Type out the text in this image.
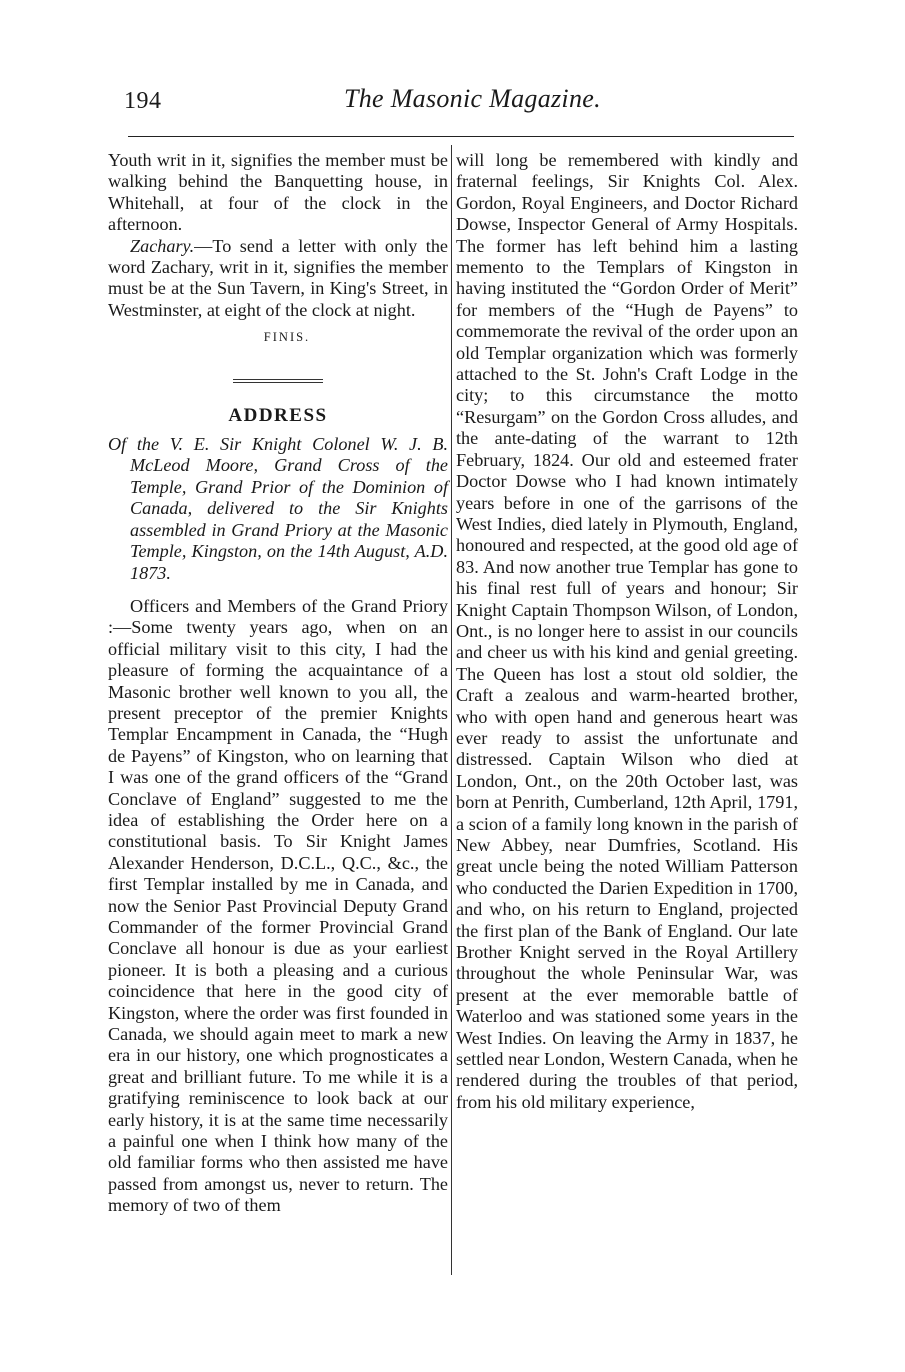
194	The Masonic Magazine.

Youth writ in it, signifies the member must be walking behind the Banquetting house, in Whitehall, at four of the clock in the afternoon.

Zachary.—To send a letter with only the word Zachary, writ in it, signifies the member must be at the Sun Tavern, in King's Street, in Westminster, at eight of the clock at night.

FINIS.

ADDRESS

Of the V. E. Sir Knight Colonel W. J. B. McLeod Moore, Grand Cross of the Temple, Grand Prior of the Dominion of Canada, delivered to the Sir Knights assembled in Grand Priory at the Masonic Temple, Kingston, on the 14th August, A.D. 1873.

Officers and Members of the Grand Priory :—Some twenty years ago, when on an official military visit to this city, I had the pleasure of forming the acquaintance of a Masonic brother well known to you all, the present preceptor of the premier Knights Templar Encampment in Canada, the “Hugh de Payens” of Kingston, who on learning that I was one of the grand officers of the “Grand Conclave of England” suggested to me the idea of establishing the Order here on a constitutional basis. To Sir Knight James Alexander Henderson, D.C.L., Q.C., &c., the first Templar installed by me in Canada, and now the Senior Past Provincial Deputy Grand Commander of the former Provincial Grand Conclave all honour is due as your earliest pioneer. It is both a pleasing and a curious coincidence that here in the good city of Kingston, where the order was first founded in Canada, we should again meet to mark a new era in our history, one which prognosticates a great and brilliant future. To me while it is a gratifying reminiscence to look back at our early history, it is at the same time necessarily a painful one when I think how many of the old familiar forms who then assisted me have passed from amongst us, never to return. The memory of two of them

will long be remembered with kindly and fraternal feelings, Sir Knights Col. Alex. Gordon, Royal Engineers, and Doctor Richard Dowse, Inspector General of Army Hospitals. The former has left behind him a lasting memento to the Templars of Kingston in having instituted the “Gordon Order of Merit” for members of the “Hugh de Payens” to commemorate the revival of the order upon an old Templar organization which was formerly attached to the St. John's Craft Lodge in the city; to this circumstance the motto “Resurgam” on the Gordon Cross alludes, and the ante-dating of the warrant to 12th February, 1824. Our old and esteemed frater Doctor Dowse who I had known intimately years before in one of the garrisons of the West Indies, died lately in Plymouth, England, honoured and respected, at the good old age of 83. And now another true Templar has gone to his final rest full of years and honour; Sir Knight Captain Thompson Wilson, of London, Ont., is no longer here to assist in our councils and cheer us with his kind and genial greeting. The Queen has lost a stout old soldier, the Craft a zealous and warm-hearted brother, who with open hand and generous heart was ever ready to assist the unfortunate and distressed. Captain Wilson who died at London, Ont., on the 20th October last, was born at Penrith, Cumberland, 12th April, 1791, a scion of a family long known in the parish of New Abbey, near Dumfries, Scotland. His great uncle being the noted William Patterson who conducted the Darien Expedition in 1700, and who, on his return to England, projected the first plan of the Bank of England. Our late Brother Knight served in the Royal Artillery throughout the whole Peninsular War, was present at the ever memorable battle of Waterloo and was stationed some years in the West Indies. On leaving the Army in 1837, he settled near London, Western Canada, when he rendered during the troubles of that period, from his old military experience,
